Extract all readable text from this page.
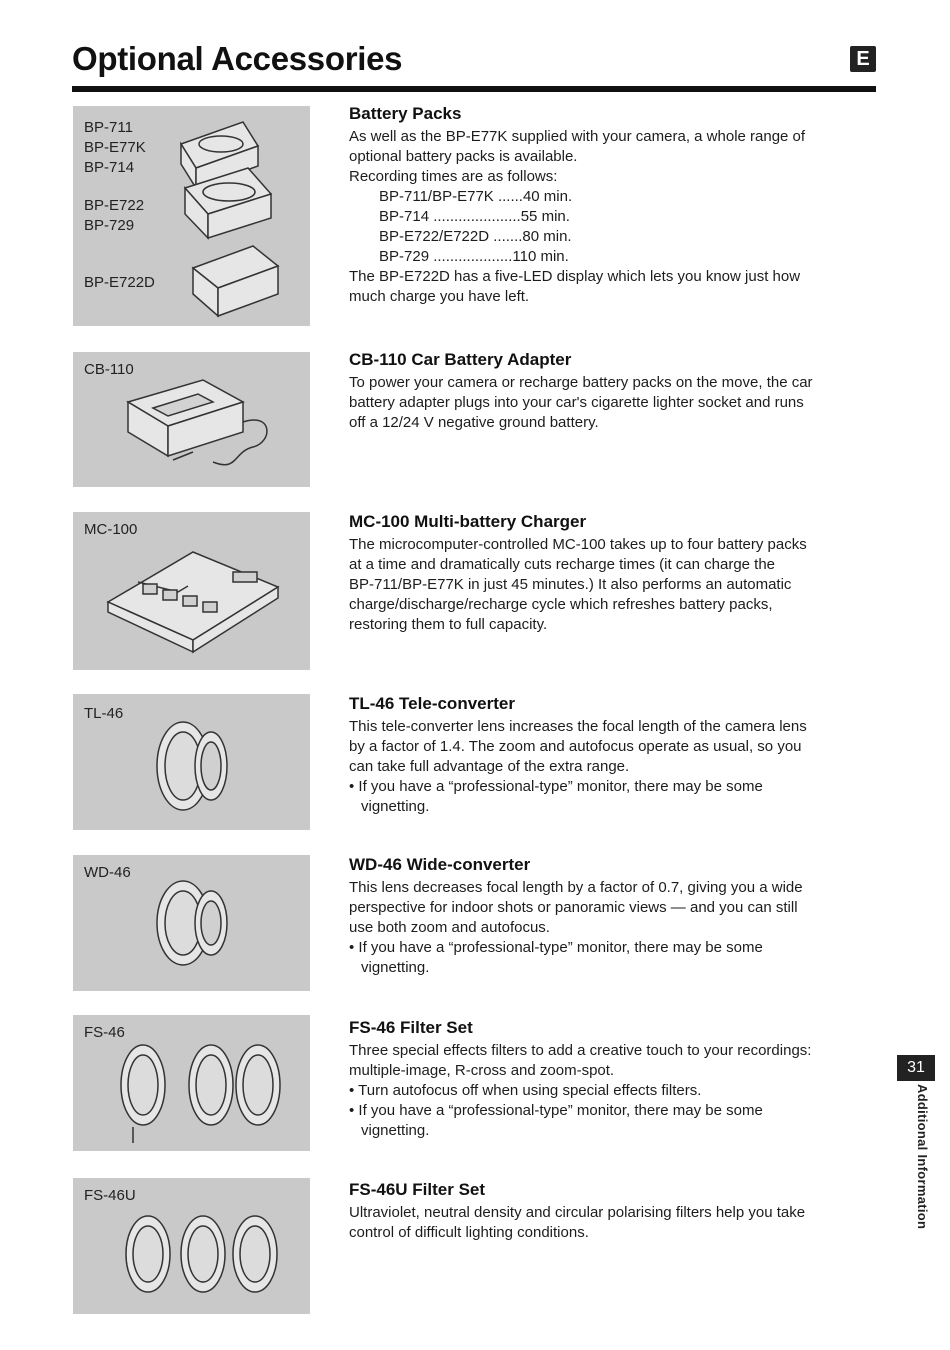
Optional Accessories	E
BP-711
BP-E77K
BP-714
BP-E722
BP-729
BP-E722D
CB-110
MC-100
TL-46
WD-46
FS-46
FS-46U
Battery Packs

As well as the BP-E77K supplied with your camera, a whole range of

optional battery packs is available.

Recording times are as follows:

BP-711/BP-E77K ......40 min.

BP-714 .....................55 min.

BP-E722/E722D .......80 min.

BP-729 ...................110 min.

The BP-E722D has a five-LED display which lets you know just how

much charge you have left.

CB-110 Car Battery Adapter

To power your camera or recharge battery packs on the move, the car

battery adapter plugs into your car's cigarette lighter socket and runs

off a 12/24 V negative ground battery.

MC-100 Multi-battery Charger

The microcomputer-controlled MC-100 takes up to four battery packs

at a time and dramatically cuts recharge times (it can charge the

BP-711/BP-E77K in just 45 minutes.) It also performs an automatic

charge/discharge/recharge cycle which refreshes battery packs,

restoring them to full capacity.

TL-46 Tele-converter

This tele-converter lens increases the focal length of the camera lens

by a factor of 1.4. The zoom and autofocus operate as usual, so you

can take full advantage of the extra range.

• If you have a “professional-type” monitor, there may be some

vignetting.

WD-46 Wide-converter

This lens decreases focal length by a factor of 0.7, giving you a wide

perspective for indoor shots or panoramic views — and you can still

use both zoom and autofocus.

• If you have a “professional-type” monitor, there may be some

vignetting.

FS-46 Filter Set

Three special effects filters to add a creative touch to your recordings:

multiple-image, R-cross and zoom-spot.

• Turn autofocus off when using special effects filters.

• If you have a “professional-type” monitor, there may be some

vignetting.

FS-46U Filter Set

Ultraviolet, neutral density and circular polarising filters help you take

control of difficult lighting conditions.

31
Additional Information
